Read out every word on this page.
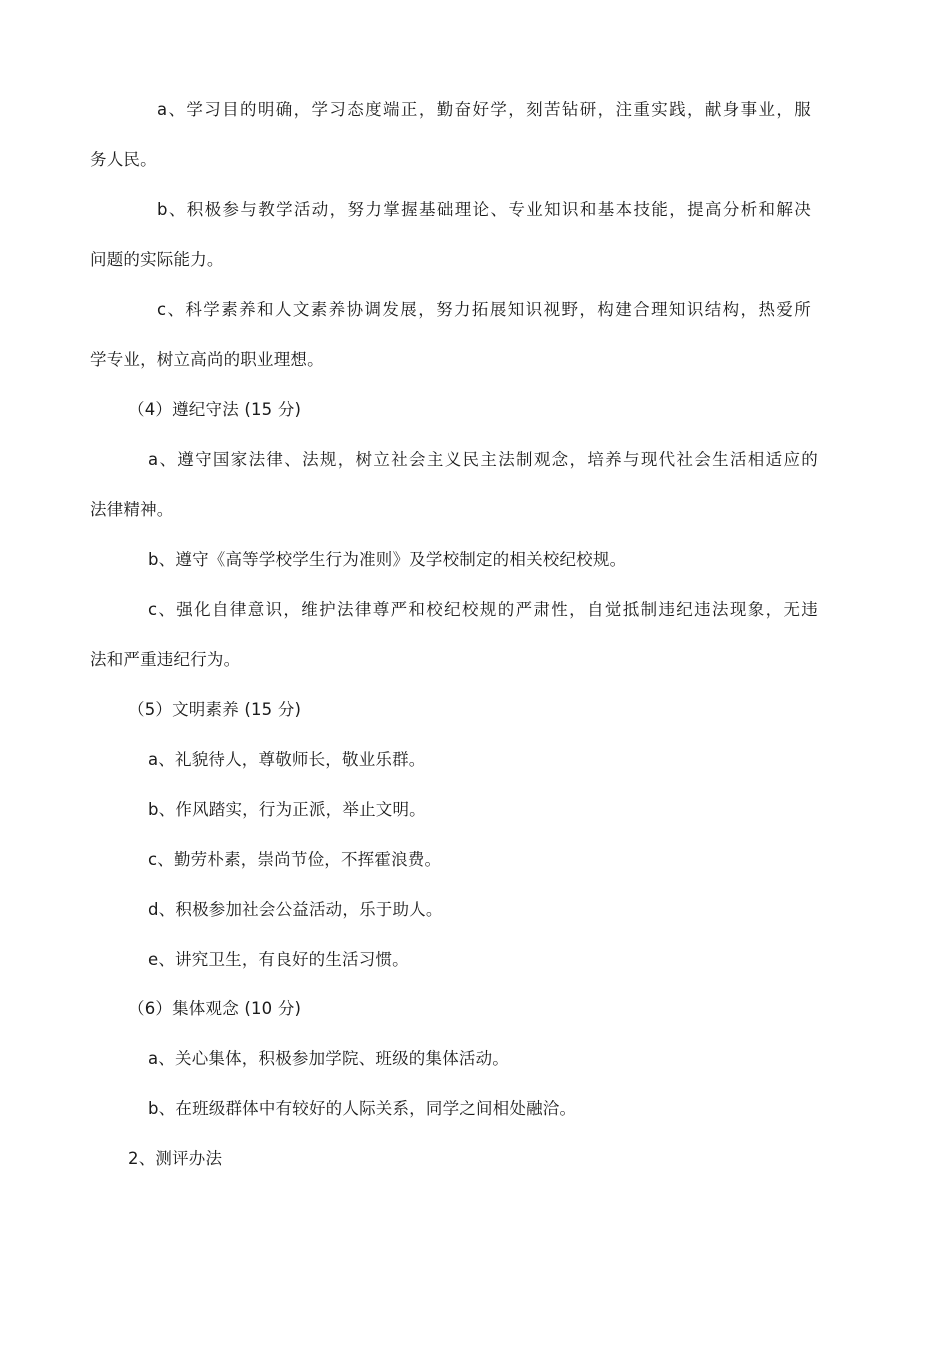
a、学习目的明确，学习态度端正，勤奋好学，刻苦钻研，注重实践，献身事业，服
务人民。
b、积极参与教学活动，努力掌握基础理论、专业知识和基本技能，提高分析和解决
问题的实际能力。
c、科学素养和人文素养协调发展，努力拓展知识视野，构建合理知识结构，热爱所
学专业，树立高尚的职业理想。
（4）遵纪守法 (15 分)
a、遵守国家法律、法规，树立社会主义民主法制观念，培养与现代社会生活相适应的
法律精神。
b、遵守《高等学校学生行为准则》及学校制定的相关校纪校规。
c、强化自律意识，维护法律尊严和校纪校规的严肃性，自觉抵制违纪违法现象，无违
法和严重违纪行为。
（5）文明素养 (15 分)
a、礼貌待人，尊敬师长，敬业乐群。
b、作风踏实，行为正派，举止文明。
c、勤劳朴素，崇尚节俭，不挥霍浪费。
d、积极参加社会公益活动，乐于助人。
e、讲究卫生，有良好的生活习惯。
（6）集体观念 (10 分)
a、关心集体，积极参加学院、班级的集体活动。
b、在班级群体中有较好的人际关系，同学之间相处融洽。
2、测评办法
